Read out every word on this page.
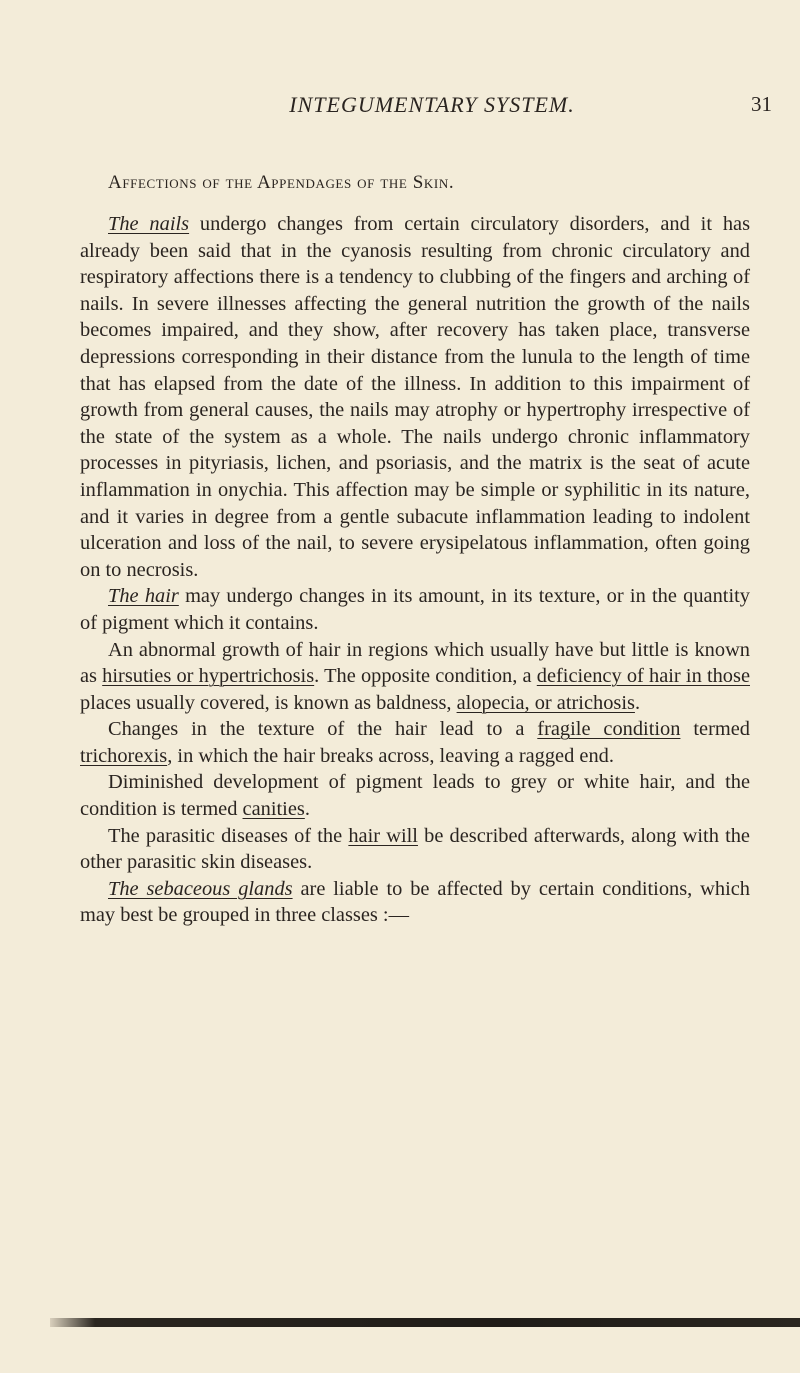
INTEGUMENTARY SYSTEM.	31
Affections of the Appendages of the Skin.

The nails undergo changes from certain circulatory disorders, and it has already been said that in the cyanosis resulting from chronic circulatory and respiratory affections there is a tendency to clubbing of the fingers and arching of nails. In severe illnesses affecting the general nutrition the growth of the nails becomes impaired, and they show, after recovery has taken place, transverse depressions corresponding in their distance from the lunula to the length of time that has elapsed from the date of the illness. In addition to this impairment of growth from general causes, the nails may atrophy or hypertrophy irrespective of the state of the system as a whole. The nails undergo chronic inflammatory processes in pityriasis, lichen, and psoriasis, and the matrix is the seat of acute inflammation in onychia. This affection may be simple or syphilitic in its nature, and it varies in degree from a gentle subacute inflammation leading to indolent ulceration and loss of the nail, to severe erysipelatous inflammation, often going on to necrosis.

The hair may undergo changes in its amount, in its texture, or in the quantity of pigment which it contains.

An abnormal growth of hair in regions which usually have but little is known as hirsuties or hypertrichosis. The opposite condition, a deficiency of hair in those places usually covered, is known as baldness, alopecia, or atrichosis.

Changes in the texture of the hair lead to a fragile condition termed trichorexis, in which the hair breaks across, leaving a ragged end.

Diminished development of pigment leads to grey or white hair, and the condition is termed canities.

The parasitic diseases of the hair will be described afterwards, along with the other parasitic skin diseases.

The sebaceous glands are liable to be affected by certain conditions, which may best be grouped in three classes :—
